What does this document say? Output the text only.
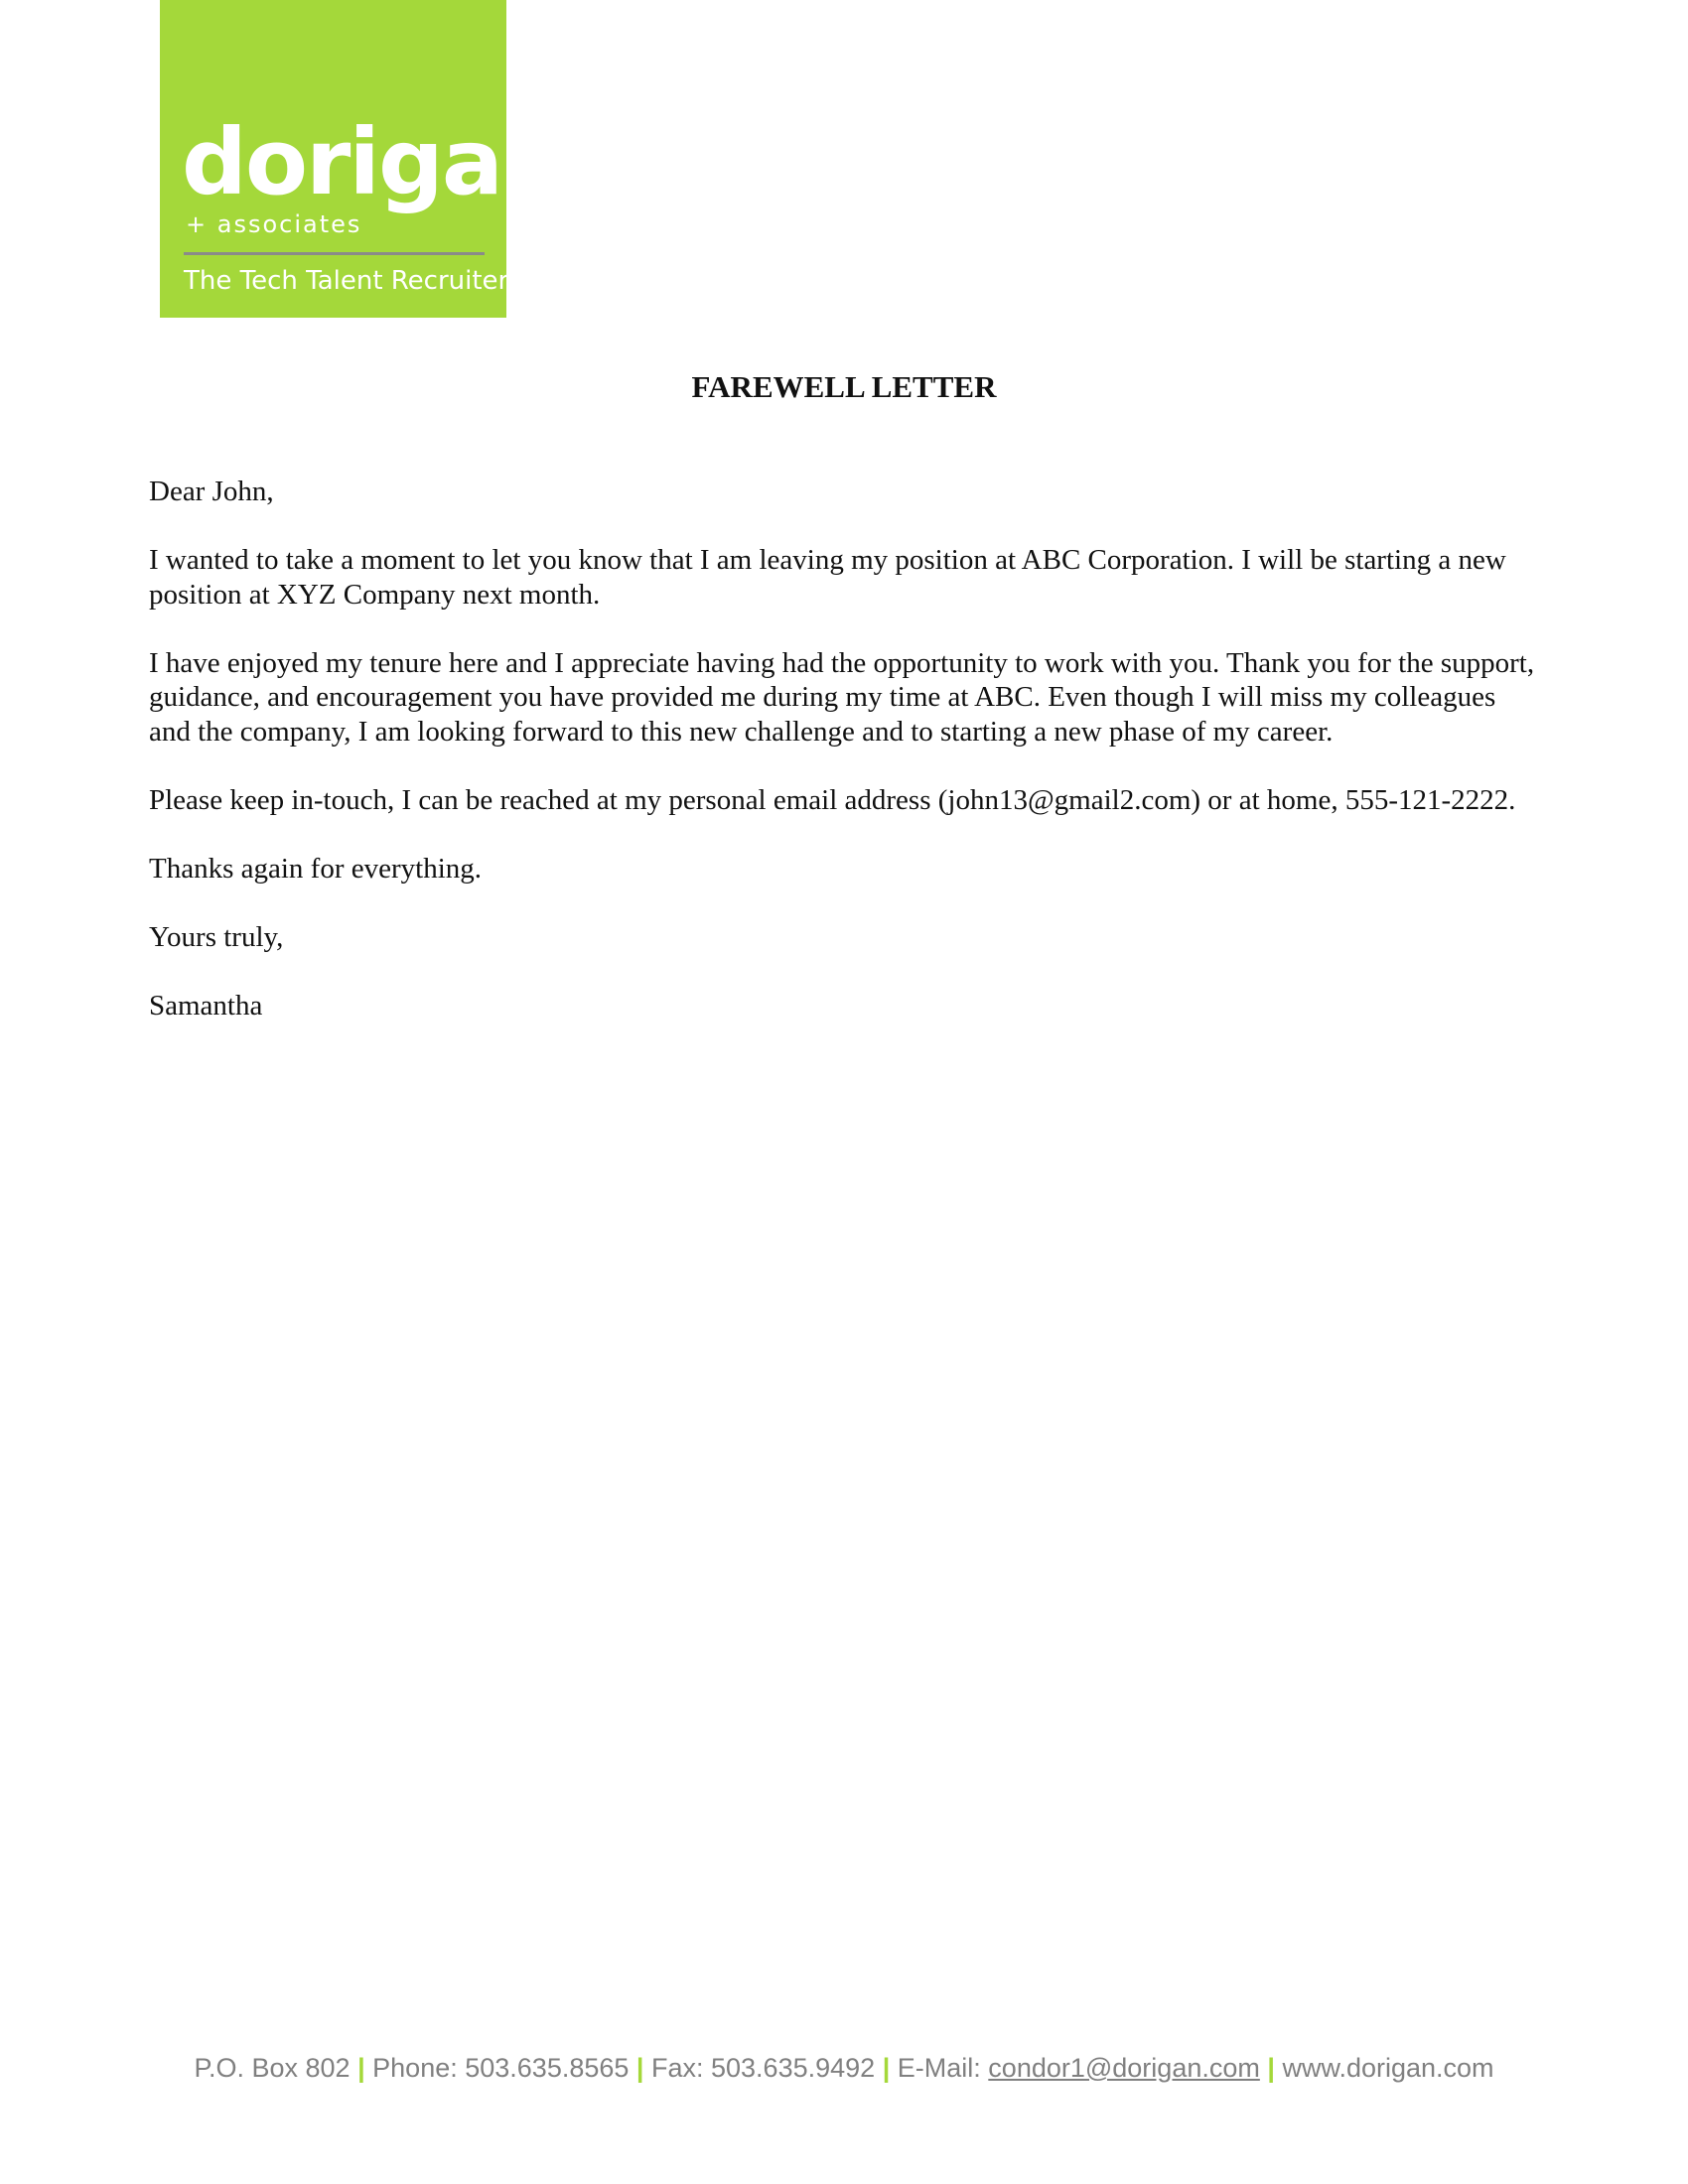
dorigan
+ associates
The Tech Talent Recruiters
FAREWELL LETTER

Dear John,

I wanted to take a moment to let you know that I am leaving my position at ABC Corporation. I will be starting a new position at XYZ Company next month.

I have enjoyed my tenure here and I appreciate having had the opportunity to work with you. Thank you for the support, guidance, and encouragement you have provided me during my time at ABC. Even though I will miss my colleagues and the company, I am looking forward to this new challenge and to starting a new phase of my career.

Please keep in-touch, I can be reached at my personal email address (john13@gmail2.com) or at home, 555-121-2222.

Thanks again for everything.

Yours truly,

Samantha

P.O. Box 802 | Phone: 503.635.8565 | Fax: 503.635.9492 | E-Mail: condor1@dorigan.com | www.dorigan.com
